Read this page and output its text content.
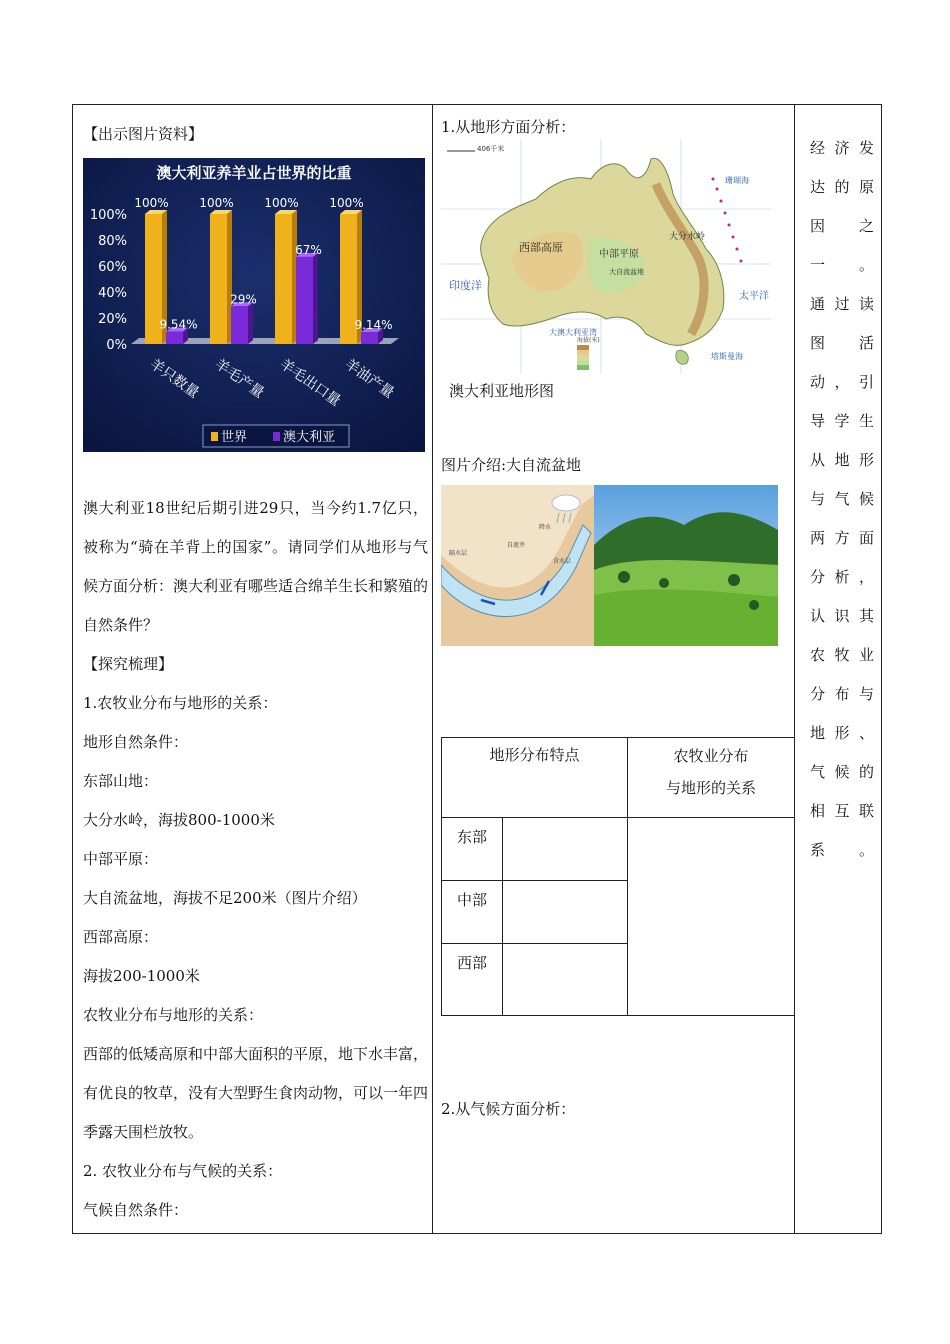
【出示图片资料】

澳大利亚养羊业占世界的比重
0%
20%
40%
60%
80%
100%
100%
9.54%
100%
29%
100%
67%
100%
9.14%
羊只数量 羊毛产量 羊毛出口量
羊油产量
世界	澳大利亚

澳大利亚18世纪后期引进29只，当今约1.7亿只，被称为“骑在羊背上的国家”。请同学们从地形与气候方面分析：澳大利亚有哪些适合绵羊生长和繁殖的自然条件？

【探究梳理】

1.农牧业分布与地形的关系：

地形自然条件：

东部山地：

大分水岭，海拔800-1000米

中部平原：

大自流盆地，海拔不足200米（图片介绍）

西部高原：

海拔200-1000米

农牧业分布与地形的关系：

西部的低矮高原和中部大面积的平原，地下水丰富，有优良的牧草，没有大型野生食肉动物，可以一年四季露天围栏放牧。

2. 农牧业分布与气候的关系：

气候自然条件：

1.从地形方面分析：

406千米
西部高原
中部平原
大自流盆地
大分水岭
大澳大利亚湾
印度洋
太平洋
珊瑚海
塔斯曼海
海拔(米)

澳大利亚地形图

图片介绍:大自流盆地

降水
隔水层
含水层
自流井
地形分布特点		农牧业分布
与地形的关系

东部		
中部		
西部		

2.从气候方面分析：

经济发

达的原

因　之

一。

通过读

图　活

动，引

导学生

从地形

与气候

两方面

分析，

认识其

农牧业

分布与

地形、

气候的

相互联

系。
